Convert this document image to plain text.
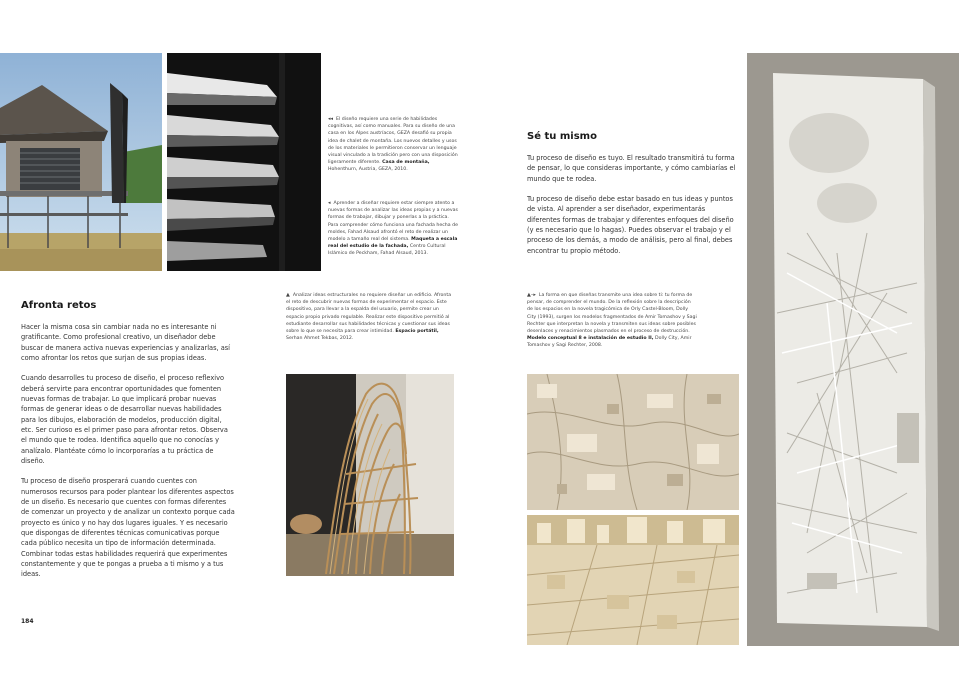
◂◂ El diseño requiere una serie de habilidades cognitivas, así como manuales. Para su diseño de una casa en los Alpes austríacos, GEZA desafió su propia idea de chalet de montaña. Los nuevos detalles y usos de los materiales le permitieron conservar un lenguaje visual vinculado a la tradición pero con una disposición ligeramente diferente. Casa de montaña, Hohenthurn, Austria, GEZA, 2010.

◂ Aprender a diseñar requiere estar siempre atento a nuevas formas de analizar las ideas propias y a nuevas formas de trabajar, dibujar y ponerlas a la práctica. Para comprender cómo funciona una fachada hecha de moldes, Fahad Alsaud afrontó el reto de realizar un modelo a tamaño real del sistema. Maqueta a escala real del estudio de la fachada, Centro Cultural Islámico de Peckham, Fahad Alsaud, 2013.

Afronta retos

Hacer la misma cosa sin cambiar nada no es interesante ni gratificante. Como profesional creativo, un diseñador debe buscar de manera activa nuevas experiencias y analizarlas, así como afrontar los retos que surjan de sus propias ideas.

Cuando desarrolles tu proceso de diseño, el proceso reflexivo deberá servirte para encontrar oportunidades que fomenten nuevas formas de trabajar. Lo que implicará probar nuevas formas de generar ideas o de desarrollar nuevas habilidades para los dibujos, elaboración de modelos, producción digital, etc. Ser curioso es el primer paso para afrontar retos. Observa el mundo que te rodea. Identifica aquello que no conocías y analízalo. Plantéate cómo lo incorporarías a tu práctica de diseño.

Tu proceso de diseño prosperará cuando cuentes con numerosos recursos para poder plantear los diferentes aspectos de un diseño. Es necesario que cuentes con formas diferentes de comenzar un proyecto y de analizar un contexto porque cada proyecto es único y no hay dos lugares iguales. Y es necesario que dispongas de diferentes técnicas comunicativas porque cada público necesita un tipo de información determinada. Combinar todas estas habilidades requerirá que experimentes constantemente y que te pongas a prueba a ti mismo y a tus ideas.

▲ Analizar ideas estructurales no requiere diseñar un edificio. Afronta el reto de descubrir nuevas formas de experimentar el espacio. Este dispositivo, para llevar a la espalda del usuario, permite crear un espacio propio privado regulable. Realizar este dispositivo permitió al estudiante desarrollar sus habilidades técnicas y cuestionar sus ideas sobre lo que se necesita para crear intimidad. Espacio portátil, Serhan Ahmet Tekbas, 2012.

184

▲–▸ La forma en que diseñas transmite una idea sobre ti: tu forma de pensar, de comprender el mundo. De la reflexión sobre la descripción de los espacios en la novela tragicómica de Orly Castel-Bloom, Dolly City (1993), surgen los modelos fragmentados de Amir Tomashov y Sagi Rechter que interpretan la novela y transmiten sus ideas sobre posibles desenlaces y renacimientos plasmados en el proceso de destrucción. Modelo conceptual 8 e instalación de estudio II, Dolly City, Amir Tomashov y Sagi Rechter, 2008.

Sé tu mismo

Tu proceso de diseño es tuyo. El resultado transmitirá tu forma de pensar, lo que consideras importante, y cómo cambiarías el mundo que te rodea.

Tu proceso de diseño debe estar basado en tus ideas y puntos de vista. Al aprender a ser diseñador, experimentarás diferentes formas de trabajar y diferentes enfoques del diseño (y es necesario que lo hagas). Puedes observar el trabajo y el proceso de los demás, a modo de análisis, pero al final, debes encontrar tu propio método.
